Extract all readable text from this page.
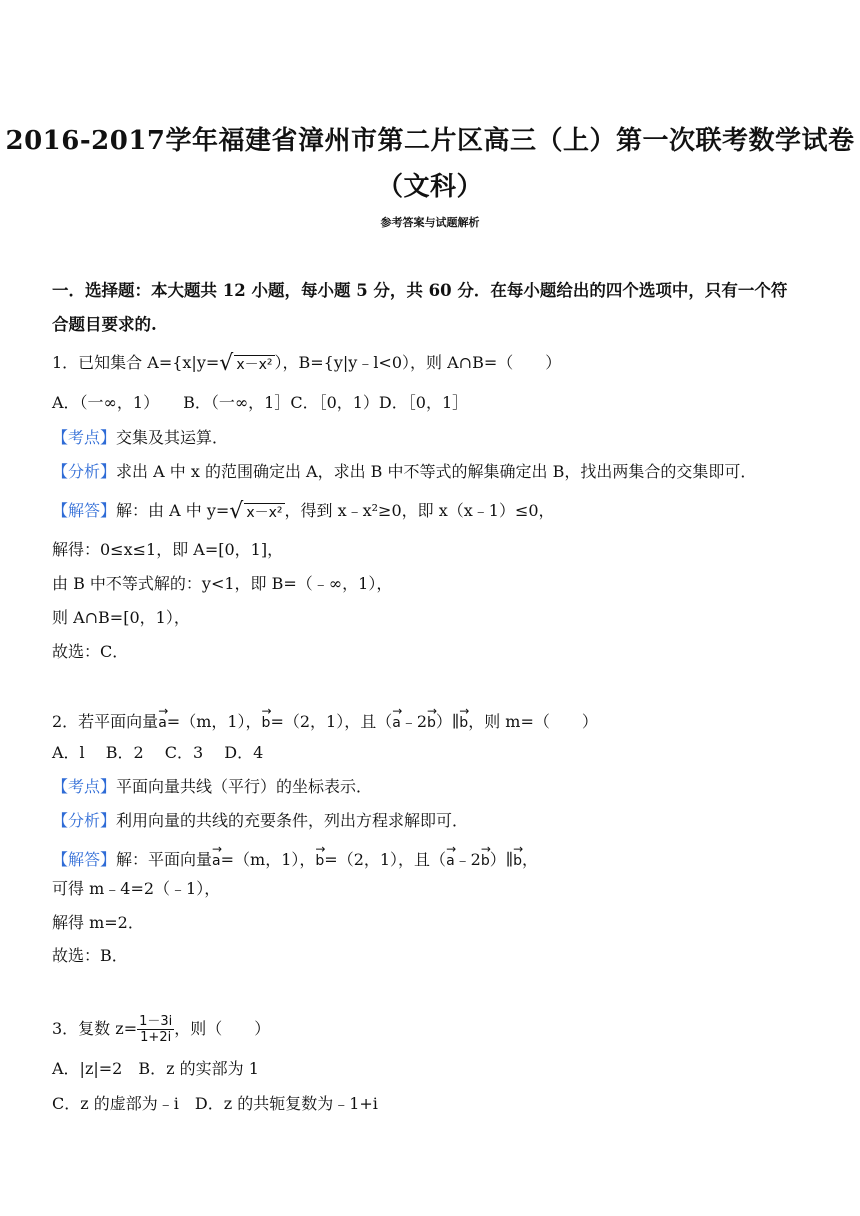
2016-2017学年福建省漳州市第二片区高三（上）第一次联考数学试卷
（文科）
参考答案与试题解析
一．选择题：本大题共 12 小题，每小题 5 分，共 60 分．在每小题给出的四个选项中，只有一个符
合题目要求的.
1．已知集合 A={x|y= √ x－x² ），B={y|y﹣l<0），则 A∩B=（　　）
A．（一∞，1）　　B．（一∞，1］C．［0，1）D．［0，1］
【考点】交集及其运算．
【分析】求出 A 中 x 的范围确定出 A，求出 B 中不等式的解集确定出 B，找出两集合的交集即可．
【解答】解：由 A 中 y= √ x－x² ，得到 x﹣x²≥0，即 x（x﹣1）≤0，
解得：0≤x≤1，即 A=[0，1]，
由 B 中不等式解的：y<1，即 B=（﹣∞，1），
则 A∩B=[0，1），
故选：C．
2．若平面向量→ a=（m，1），→ b=（2，1），且（→ a﹣2→ b）∥→ b，则 m=（　　）
A．l　 B．2　 C．3　 D．4
【考点】平面向量共线（平行）的坐标表示．
【分析】利用向量的共线的充要条件，列出方程求解即可．
【解答】解：平面向量→ a=（m，1），→ b=（2，1），且（→ a﹣2→ b）∥→ b，
可得 m﹣4=2（﹣1），
解得 m=2．
故选：B．
3．复数 $z= \frac{1-3i}{1+2i}$ ，则（　　）
A．|z|=2　B．z 的实部为 1
C．z 的虚部为﹣i　D．z 的共轭复数为﹣1+i
